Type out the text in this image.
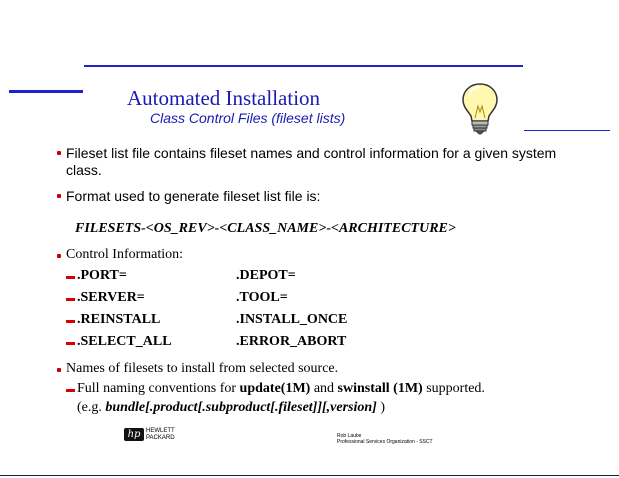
Automated Installation
Class Control Files (fileset lists)
Fileset list file contains fileset names and control information for a given system
class.
Format used to generate fileset list file is:
FILESETS-<OS_REV>-<CLASS_NAME>-<ARCHITECTURE>
Control Information:
.PORT=	.DEPOT=
.SERVER=	.TOOL=
.REINSTALL	.INSTALL_ONCE
.SELECT_ALL	.ERROR_ABORT
Names of filesets to install from selected source.
Full naming conventions for update(1M) and swinstall (1M) supported.
(e.g. bundle[.product[.subproduct[.fileset]][,version] )
hp HEWLETT
PACKARD	Rob Laube
Professional Services Organization - SSCT
